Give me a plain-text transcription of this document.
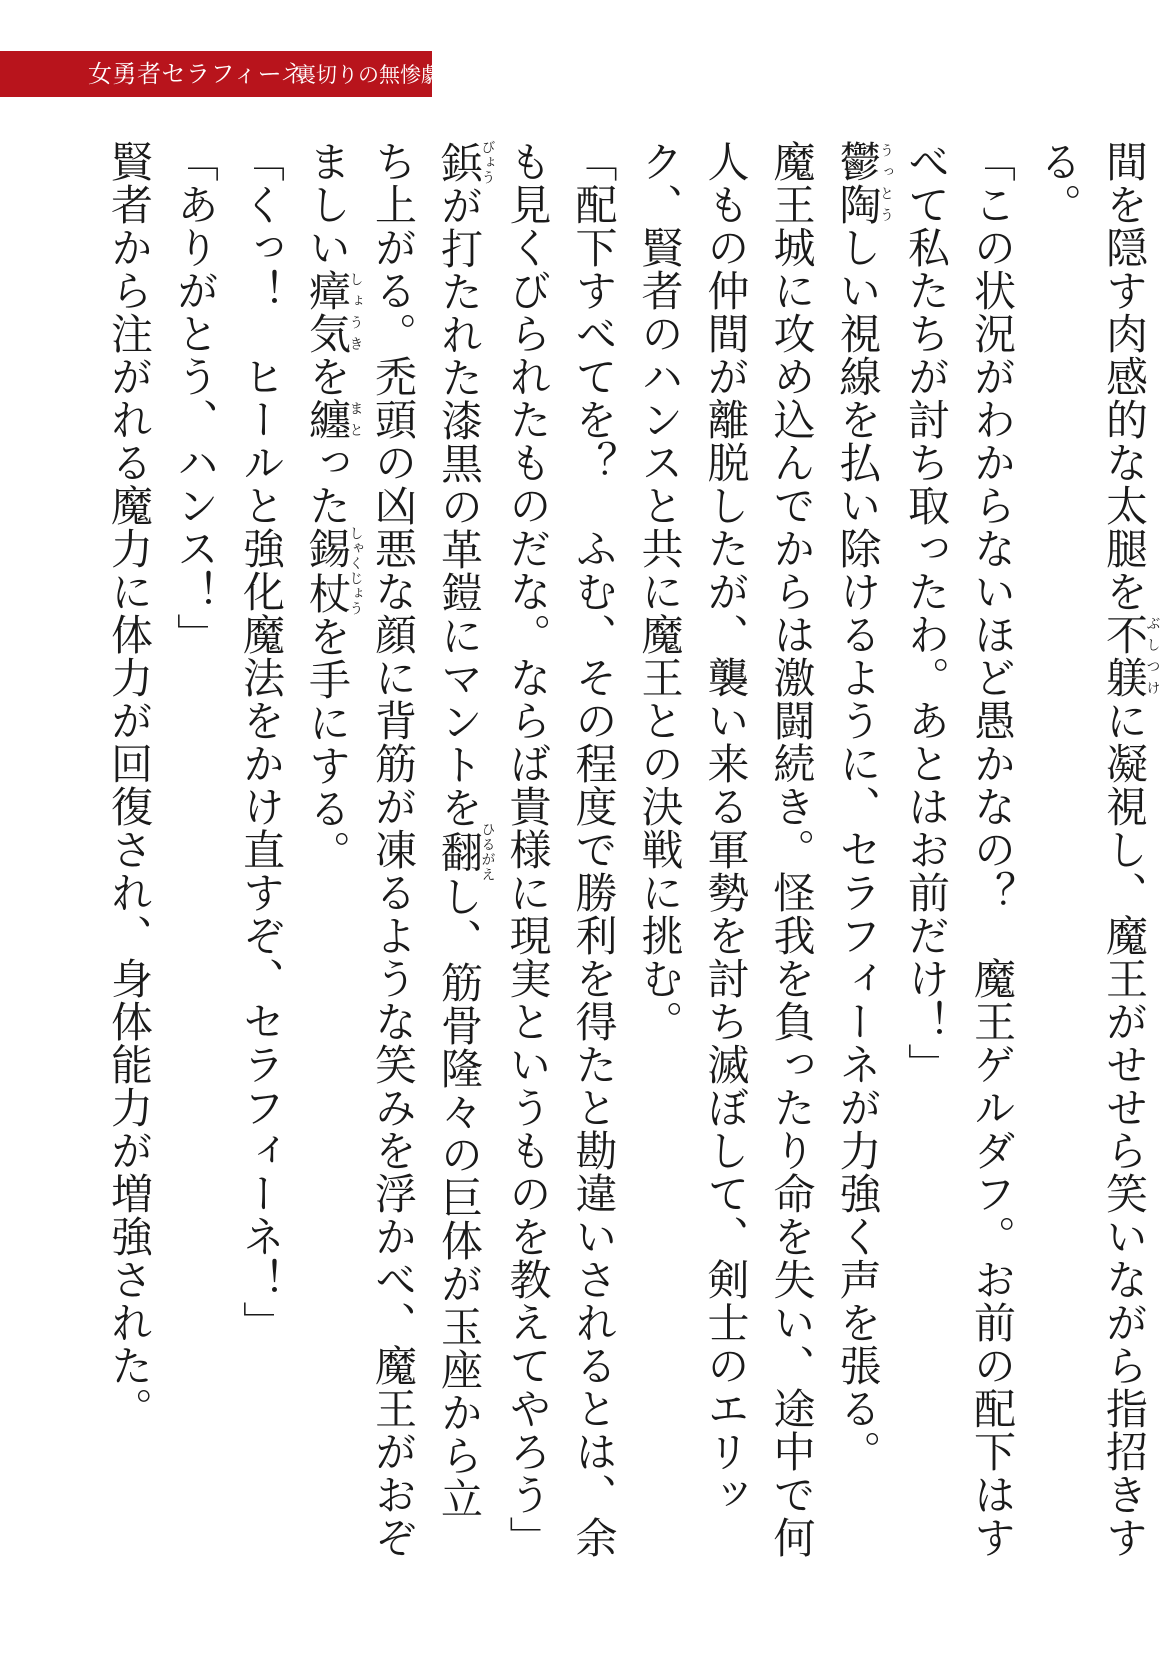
女勇者セラフィーネ
裏切りの無惨劇

間を隠す肉感的な太腿を不躾ぶしつけに凝視し、魔王がせせら笑いながら指招きする。

「この状況がわからないほど愚かなの？　魔王ゲルダフ。お前の配下はすべて私たちが討ち取ったわ。あとはお前だけ！」

鬱陶うっとうしい視線を払い除けるように、セラフィーネが力強く声を張る。

魔王城に攻め込んでからは激闘続き。怪我を負ったり命を失い、途中で何人もの仲間が離脱したが、襲い来る軍勢を討ち滅ぼして、剣士のエリック、賢者のハンスと共に魔王との決戦に挑む。

「配下すべてを？　ふむ、その程度で勝利を得たと勘違いされるとは、余も見くびられたものだな。ならば貴様に現実というものを教えてやろう」

鋲びょうが打たれた漆黒の革鎧にマントを翻ひるがえし、筋骨隆々の巨体が玉座から立ち上がる。禿頭の凶悪な顔に背筋が凍るような笑みを浮かべ、魔王がおぞましい瘴気しょうきを纏まとった錫杖しゃくじょうを手にする。

「くっ！　ヒールと強化魔法をかけ直すぞ、セラフィーネ！」

「ありがとう、ハンス！」

賢者から注がれる魔力に体力が回復され、身体能力が増強された。
